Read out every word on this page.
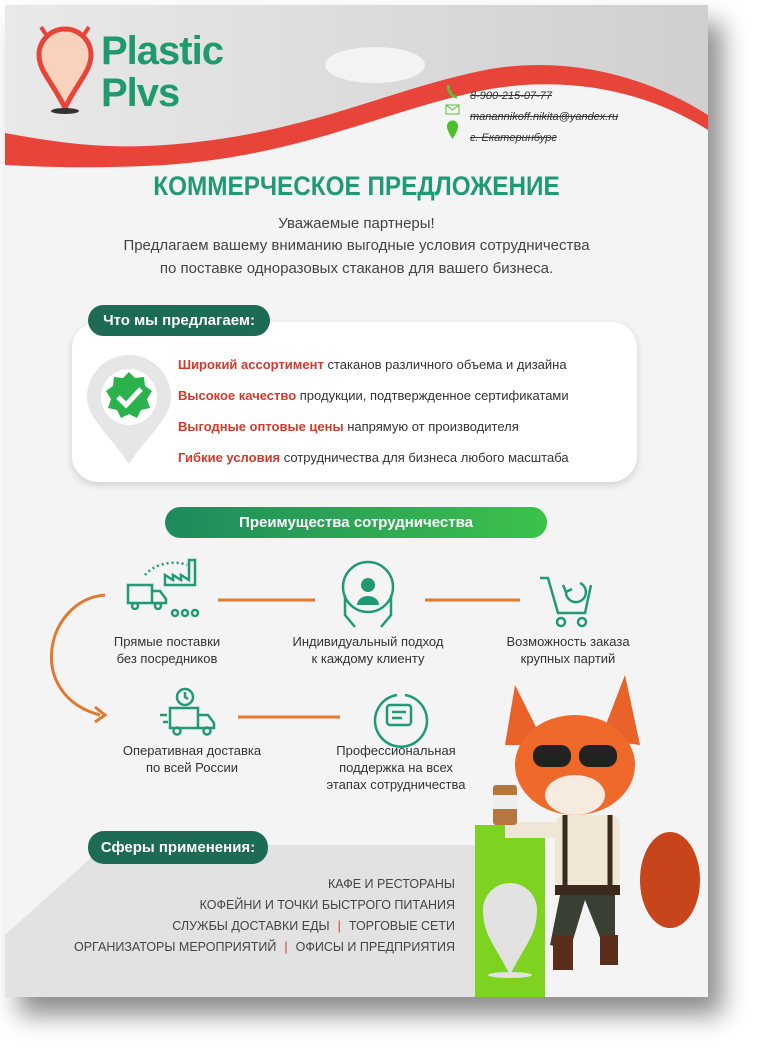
Plastic
Plvs	8-900-215-07-77
manannikoff.nikita@yandex.ru
г. Екатеринбург
КОММЕРЧЕСКОЕ ПРЕДЛОЖЕНИЕ
Уважаемые партнеры!
Предлагаем вашему вниманию выгодные условия сотрудничества
по поставке одноразовых стаканов для вашего бизнеса.
Что мы предлагаем:
Широкий ассортимент стаканов различного объема и дизайна
Высокое качество продукции, подтвержденное сертификатами
Выгодные оптовые цены напрямую от производителя
Гибкие условия сотрудничества для бизнеса любого масштаба
Преимущества сотрудничества
Прямые поставки
без посредников
Индивидуальный подход
к каждому клиенту
Возможность заказа
крупных партий
Оперативная доставка
по всей России
Профессиональная
поддержка на всех
этапах сотрудничества
Сферы применения:
КАФЕ И РЕСТОРАНЫ
КОФЕЙНИ И ТОЧКИ БЫСТРОГО ПИТАНИЯ
СЛУЖБЫ ДОСТАВКИ ЕДЫ | ТОРГОВЫЕ СЕТИ
ОРГАНИЗАТОРЫ МЕРОПРИЯТИЙ | ОФИСЫ И ПРЕДПРИЯТИЯ
